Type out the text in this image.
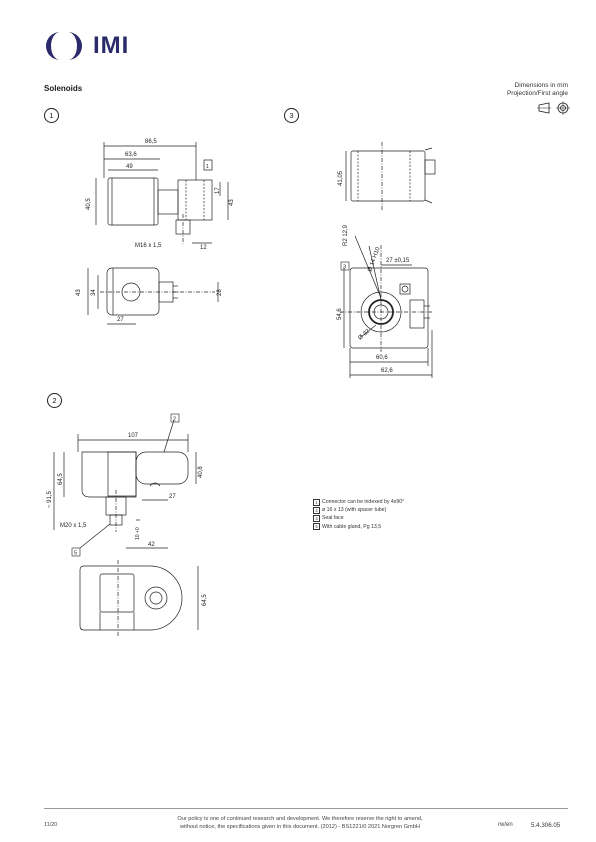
IMI
Solenoids	Dimensions in mm
Projection/First angle
1	3
2
86,5
63,6
49
40,5
17
43
M16 x 1,5	12
43 34	28
27
1
41,05
R2 12,9
Ø 14 H10 27 ±0,15
54,6
60,6
62,6
Ø 32
3
107
64,5
~ 91,5
40,8
27
M20 x 1,5
10 +0
42
64,5
2
5
1 Connector can be indexed by 4x90°
2 ø 16 x 13 (with spacer tube)
3 Seal face
5 With cable gland, Pg 13,5
11/20
Our policy is one of continued research and development. We therefore reserve the right to amend,
without notice, the specifications given in this document. (2012) - BS1221/0 2021 Norgren GmbH	rw/en	5.4.306.05
